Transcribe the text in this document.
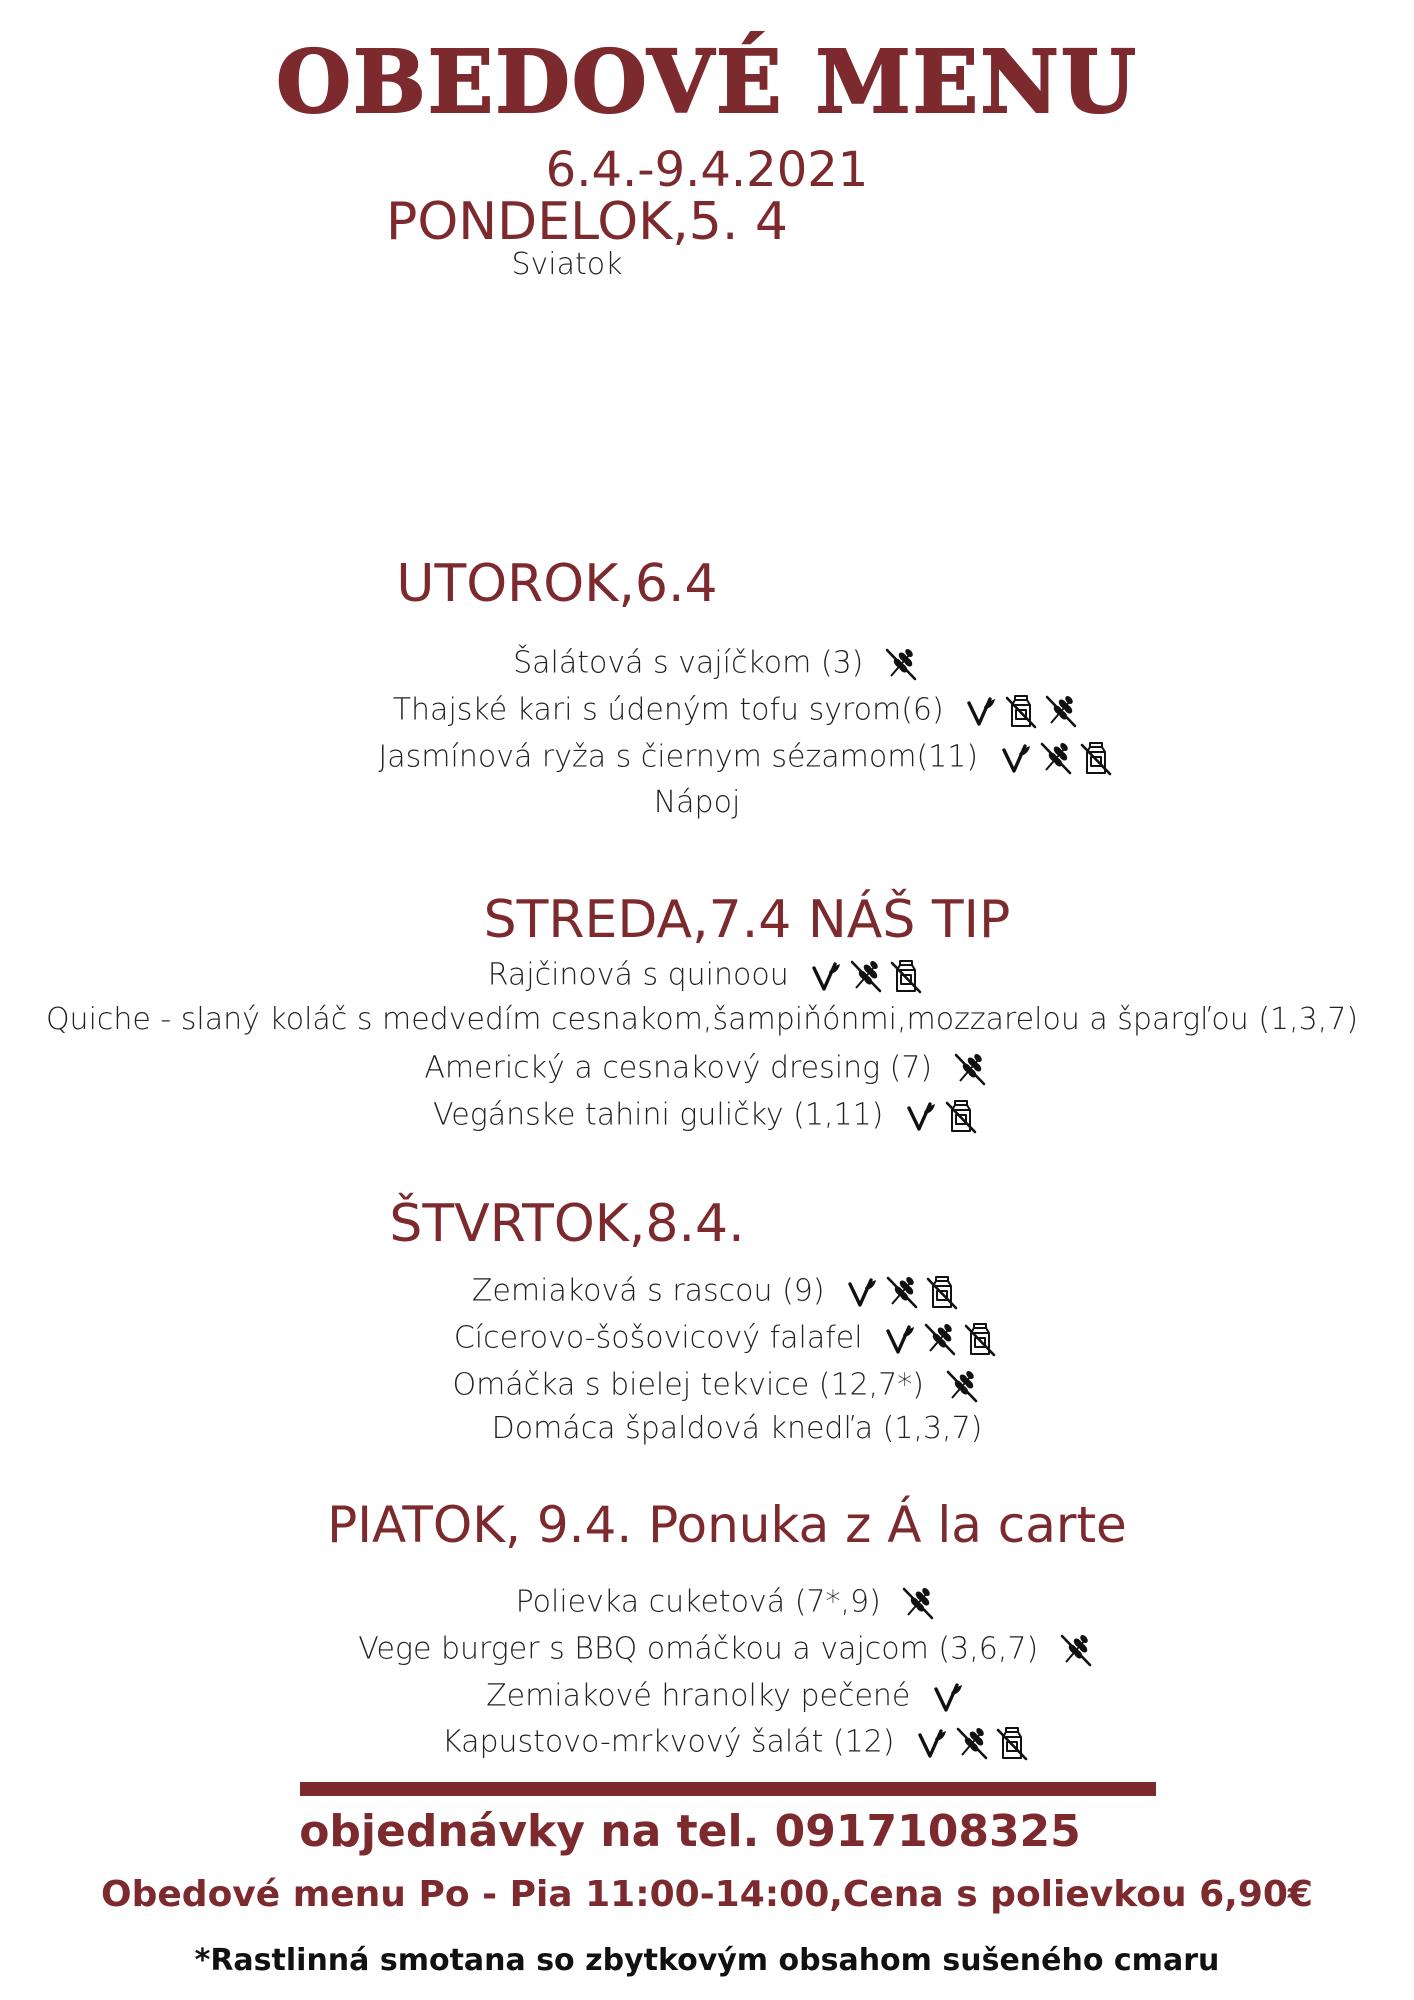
OBEDOVÉ MENU
6.4.-9.4.2021
PONDELOK,5. 4
Sviatok
UTOROK,6.4
Šalátová s vajíčkom (3)
Thajské kari s údeným tofu syrom(6)
Jasmínová ryža s čiernym sézamom(11)
Nápoj
STREDA,7.4 NÁŠ TIP
Rajčinová s quinoou
Quiche - slaný koláč s medvedím cesnakom,šampiňónmi,mozzarelou a špargľou (1,3,7)
Americký a cesnakový dresing (7)
Vegánske tahini guličky (1,11)
ŠTVRTOK,8.4.
Zemiaková s rascou (9)
Cícerovo-šošovicový falafel
Omáčka s bielej tekvice (12,7*)
Domáca špaldová knedľa (1,3,7)
PIATOK, 9.4. Ponuka z Á la carte
Polievka cuketová (7*,9)
Vege burger s BBQ omáčkou a vajcom (3,6,7)
Zemiakové hranolky pečené
Kapustovo-mrkvový šalát (12)
objednávky na tel. 0917108325
Obedové menu Po - Pia 11:00-14:00,Cena s polievkou 6,90€
*Rastlinná smotana so zbytkovým obsahom sušeného cmaru
